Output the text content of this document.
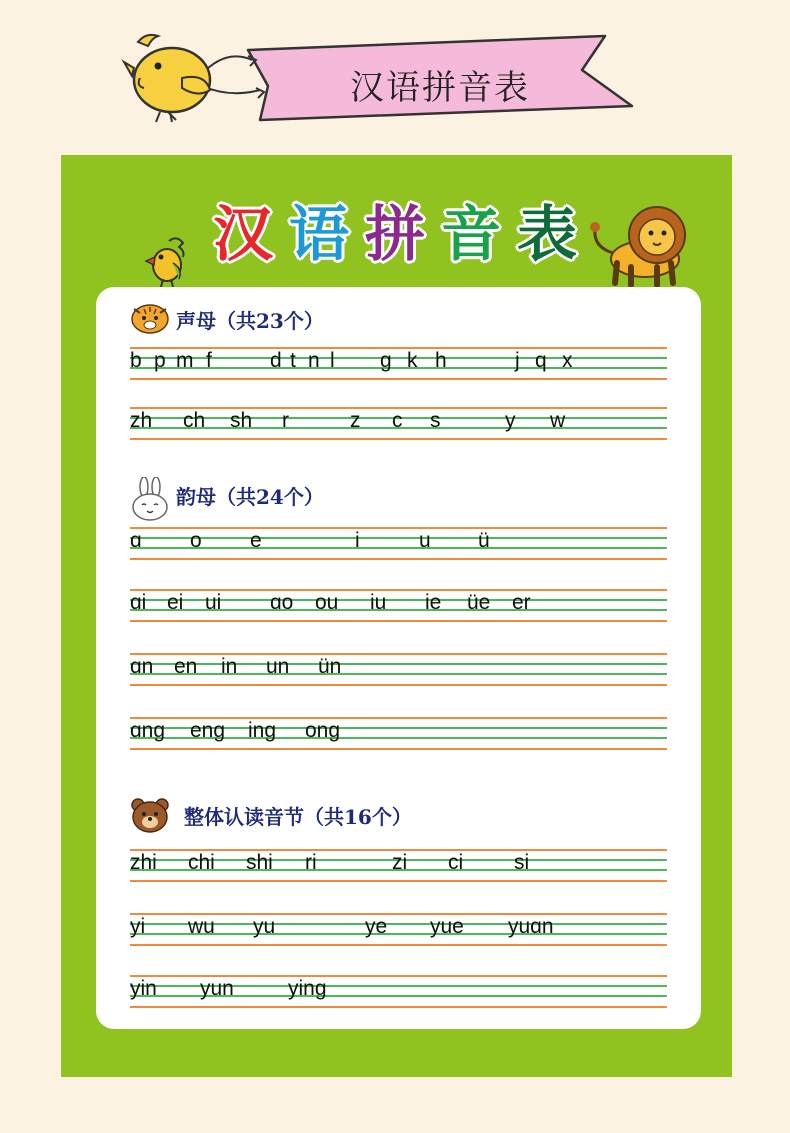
汉语拼音表
汉 语 拼 音 表
声母（共23个）
b p m f	d t n l g k h	j q x
zh ch sh r	z c s	y w
韵母（共24个）
ɑ o e	i	u ü
ɑi ei ui ɑo ou iu ie üe er
ɑn en in un ün
ɑng eng ing ong
整体认读音节（共16个）
zhi chi shi ri	zi ci si
yi wu yu	ye yue yuɑn
yin yun	ying
